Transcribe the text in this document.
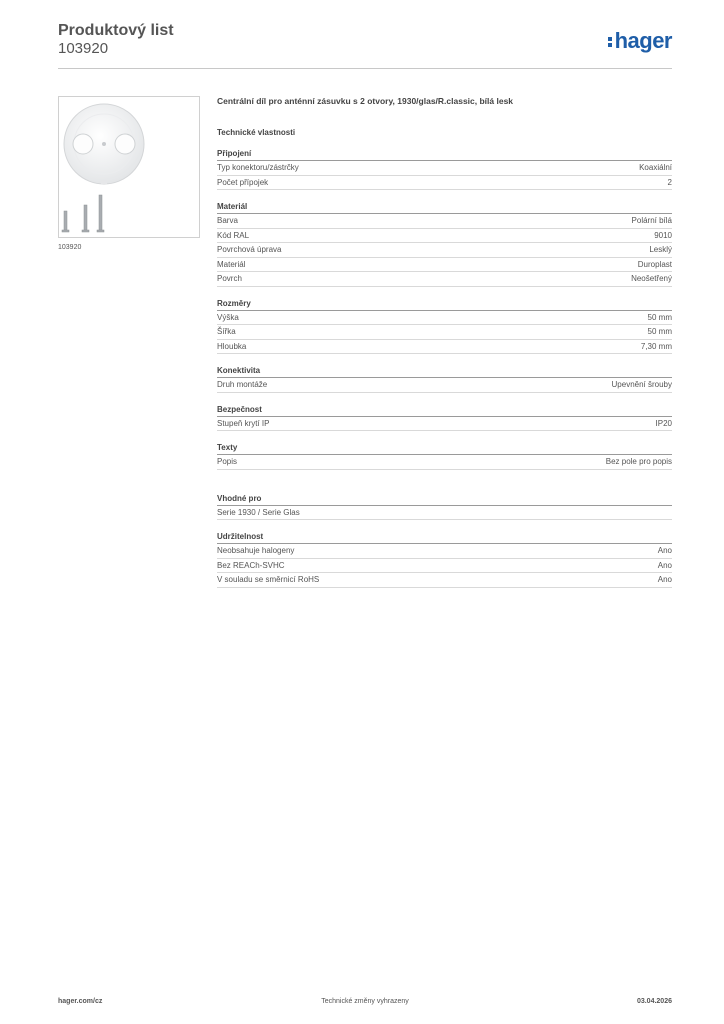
Produktový list
103920	hager
103920
Centrální díl pro anténní zásuvku s 2 otvory, 1930/glas/R.classic, bílá lesk
Technické vlastnosti
Připojení
Typ konektoru/zástrčky	Koaxiální
Počet přípojek	2
Materiál
Barva	Polární bílá
Kód RAL	9010
Povrchová úprava	Lesklý
Materiál	Duroplast
Povrch	Neošetřený
Rozměry
Výška	50 mm
Šířka	50 mm
Hloubka	7,30 mm
Konektivita
Druh montáže	Upevnění šrouby
Bezpečnost
Stupeň krytí IP	IP20
Texty
Popis	Bez pole pro popis
Vhodné pro
Serie 1930 / Serie Glas
Udržitelnost
Neobsahuje halogeny	Ano
Bez REACh-SVHC	Ano
V souladu se směrnicí RoHS	Ano
hager.com/cz	Technické změny vyhrazeny	03.04.2026
